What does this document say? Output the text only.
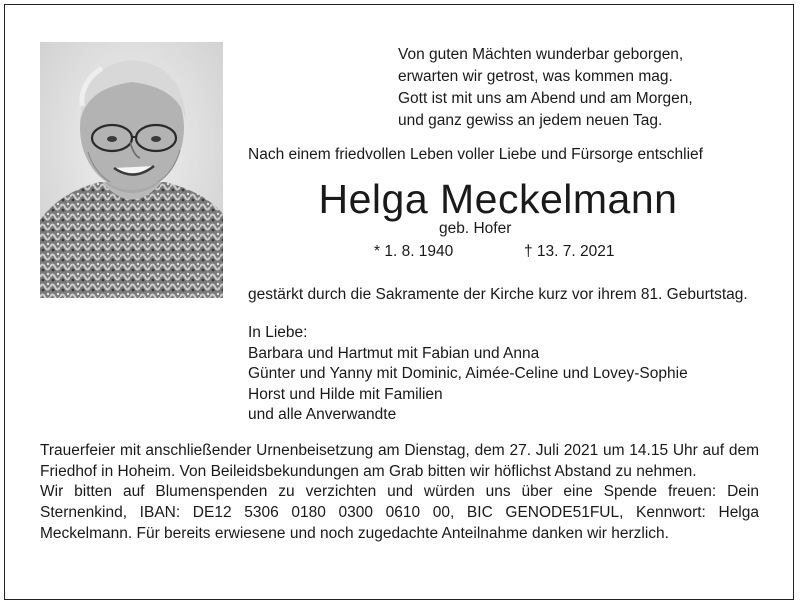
Von guten Mächten wunderbar geborgen,
erwarten wir getrost, was kommen mag.
Gott ist mit uns am Abend und am Morgen,
und ganz gewiss an jedem neuen Tag.
Nach einem friedvollen Leben voller Liebe und Fürsorge entschlief
Helga Meckelmann
geb. Hofer
* 1. 8. 1940	† 13. 7. 2021
gestärkt durch die Sakramente der Kirche kurz vor ihrem 81. Geburtstag.
In Liebe:
Barbara und Hartmut mit Fabian und Anna
Günter und Yanny mit Dominic, Aimée-Celine und Lovey-Sophie
Horst und Hilde mit Familien
und alle Anverwandte

Trauerfeier mit anschließender Urnenbeisetzung am Dienstag, dem 27. Juli 2021 um 14.15 Uhr auf dem Friedhof in Hoheim. Von Beileidsbekundungen am Grab bitten wir höflichst Abstand zu nehmen.

Wir bitten auf Blumenspenden zu verzichten und würden uns über eine Spende freuen: Dein Sternenkind, IBAN: DE12 5306 0180 0300 0610 00, BIC GENODE51FUL, Kennwort: Helga Meckelmann. Für bereits erwiesene und noch zugedachte Anteilnahme danken wir herzlich.
